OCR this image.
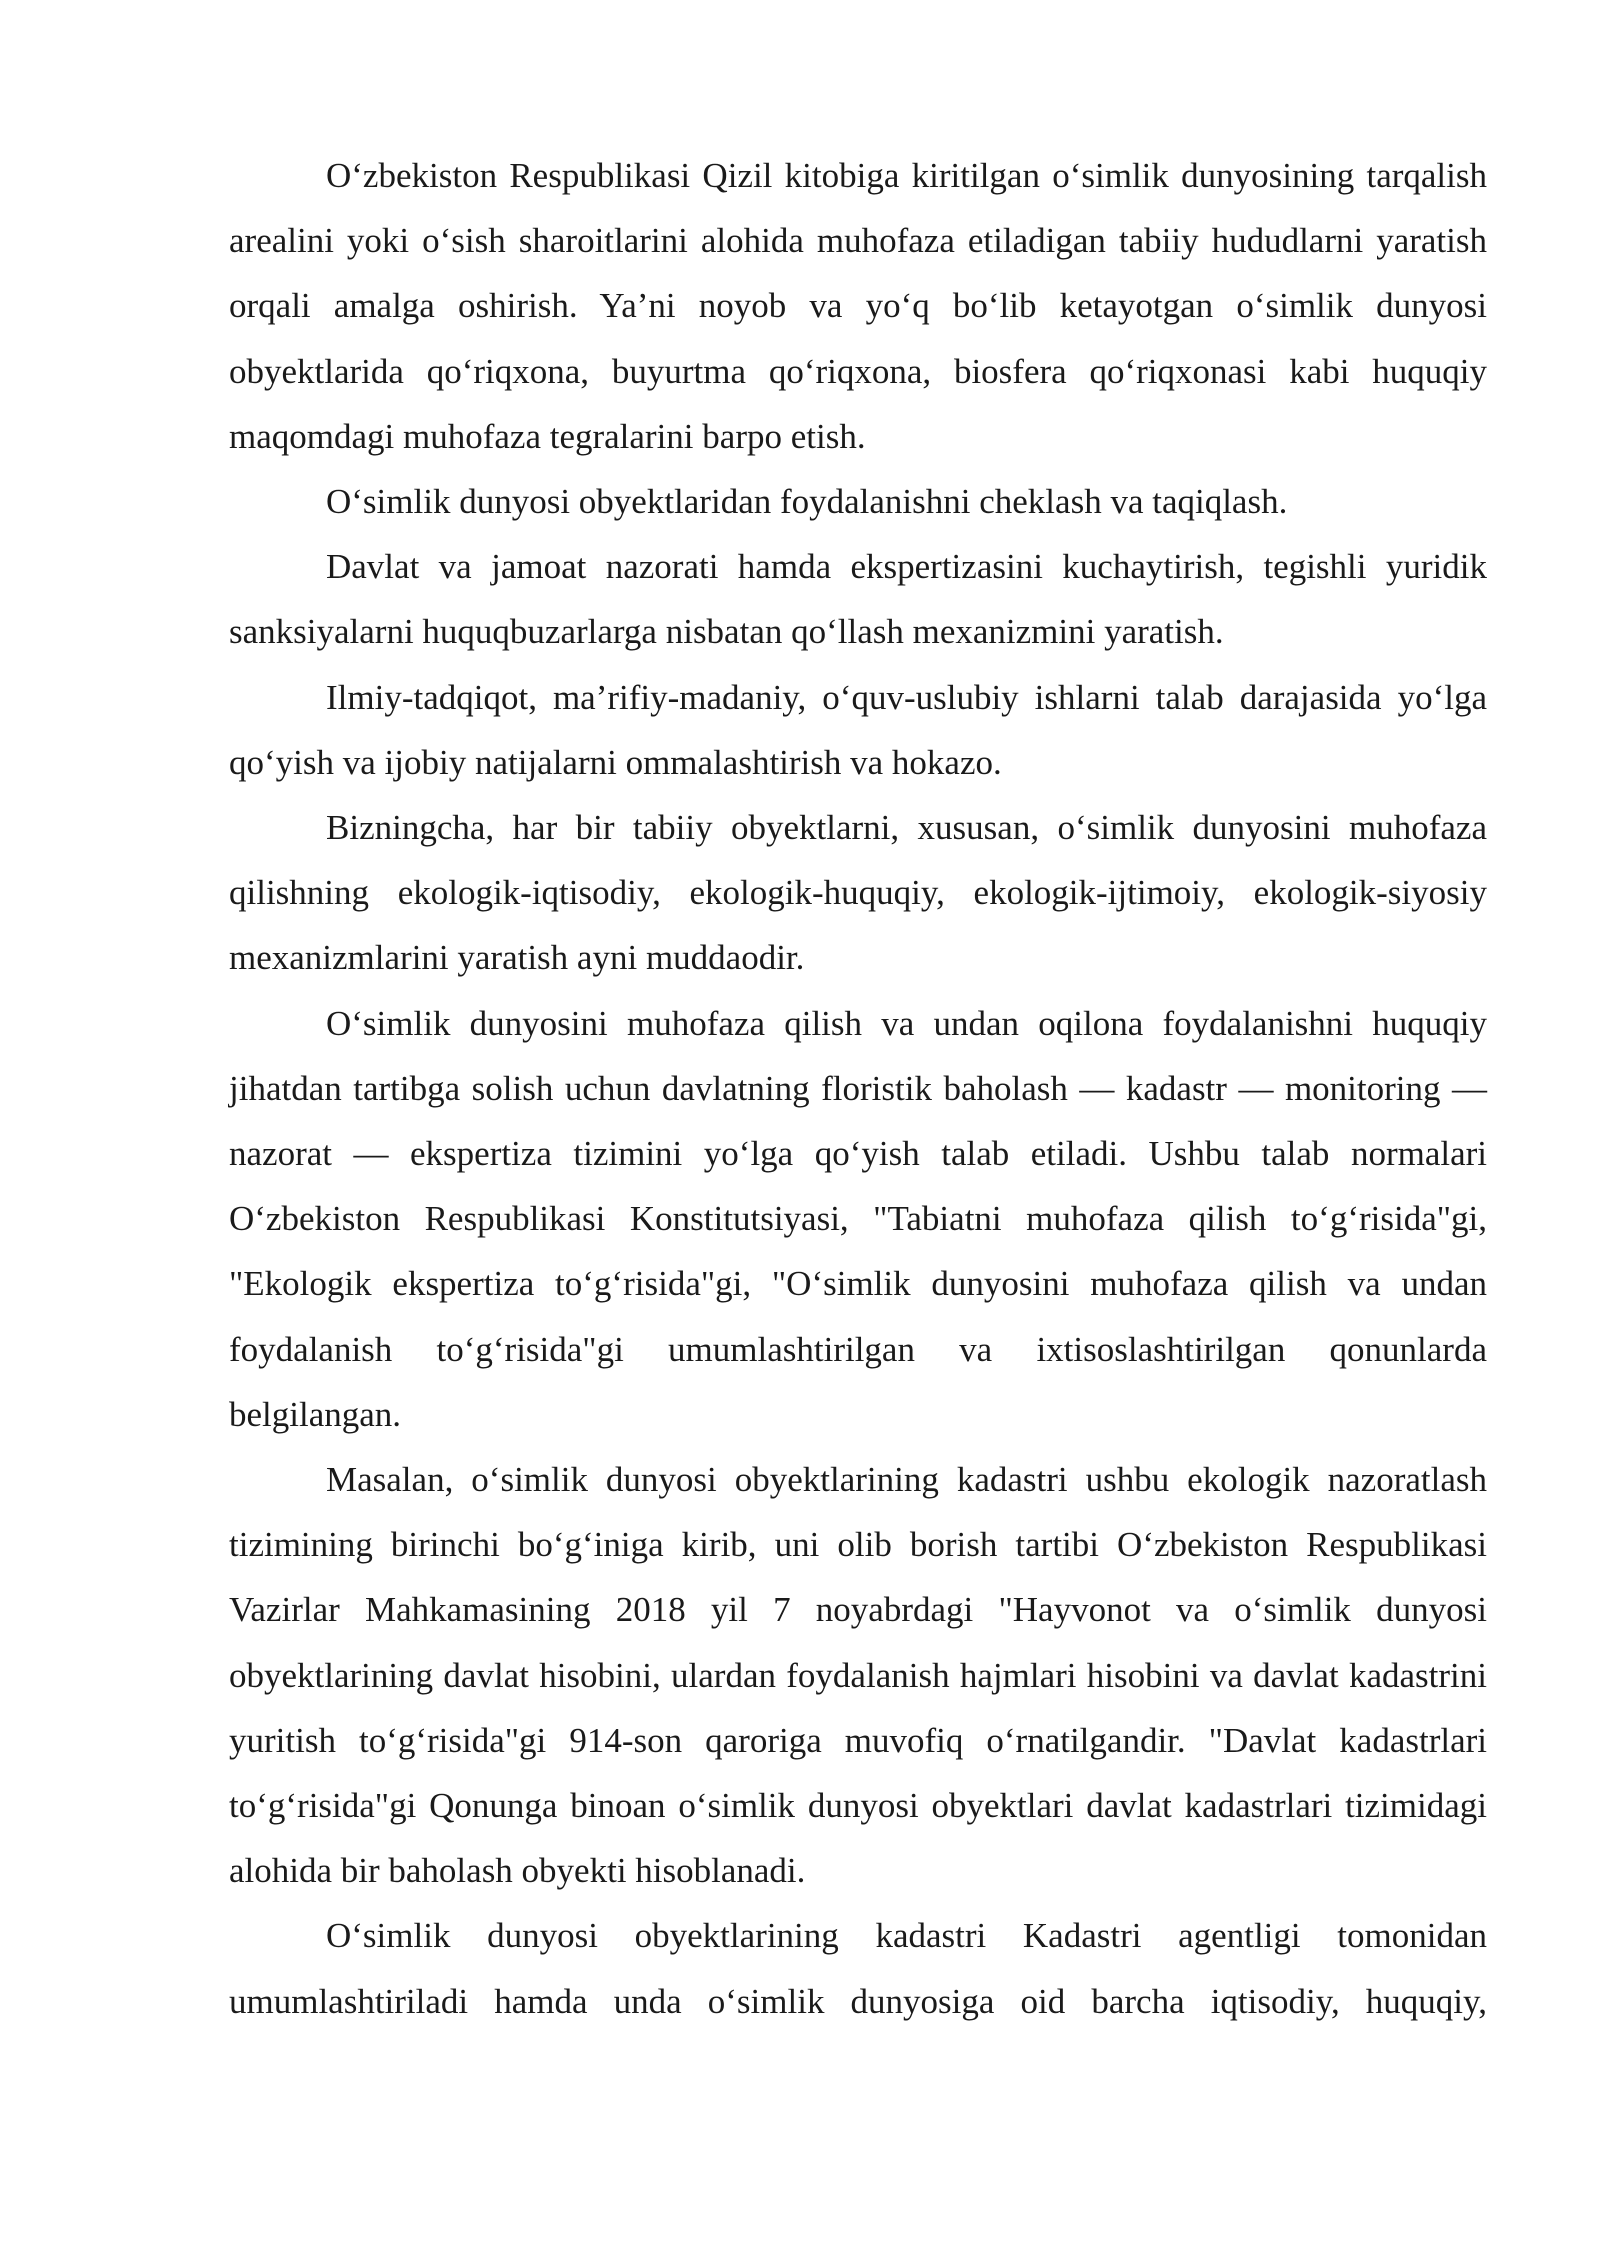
O‘zbekiston Respublikasi Qizil kitobiga kiritilgan o‘simlik dunyosining tarqalish arealini yoki o‘sish sharoitlarini alohida muhofaza etiladigan tabiiy hududlarni yaratish orqali amalga oshirish. Ya’ni noyob va yo‘q bo‘lib ketayotgan o‘simlik dunyosi obyektlarida qo‘riqxona, buyurtma qo‘riqxona, biosfera qo‘riqxonasi kabi huquqiy maqomdagi muhofaza tegralarini barpo etish.

O‘simlik dunyosi obyektlaridan foydalanishni cheklash va taqiqlash.

Davlat va jamoat nazorati hamda ekspertizasini kuchaytirish, tegishli yuridik sanksiyalarni huquqbuzarlarga nisbatan qo‘llash mexanizmini yaratish.

Ilmiy-tadqiqot, ma’rifiy-madaniy, o‘quv-uslubiy ishlarni talab darajasida yo‘lga qo‘yish va ijobiy natijalarni ommalashtirish va hokazo.

Bizningcha, har bir tabiiy obyektlarni, xususan, o‘simlik dunyosini muhofaza qilishning ekologik-iqtisodiy, ekologik-huquqiy, ekologik-ijtimoiy, ekologik-siyosiy mexanizmlarini yaratish ayni muddaodir.

O‘simlik dunyosini muhofaza qilish va undan oqilona foydalanishni huquqiy jihatdan tartibga solish uchun davlatning floristik baholash — kadastr — monitoring — nazorat — ekspertiza tizimini yo‘lga qo‘yish talab etiladi. Ushbu talab normalari O‘zbekiston Respublikasi Konstitutsiyasi, "Tabiatni muhofaza qilish to‘g‘risida"gi, "Ekologik ekspertiza to‘g‘risida"gi, "O‘simlik dunyosini muhofaza qilish va undan foydalanish to‘g‘risida"gi umumlashtirilgan va ixtisoslashtirilgan qonunlarda belgilangan.

Masalan, o‘simlik dunyosi obyektlarining kadastri ushbu ekologik nazoratlash tizimining birinchi bo‘g‘iniga kirib, uni olib borish tartibi O‘zbekiston Respublikasi Vazirlar Mahkamasining 2018 yil 7 noyabrdagi "Hayvonot va o‘simlik dunyosi obyektlarining davlat hisobini, ulardan foydalanish hajmlari hisobini va davlat kadastrini yuritish to‘g‘risida"gi 914-son qaroriga muvofiq o‘rnatilgandir. "Davlat kadastrlari to‘g‘risida"gi Qonunga binoan o‘simlik dunyosi obyektlari davlat kadastrlari tizimidagi alohida bir baholash obyekti hisoblanadi.

O‘simlik dunyosi obyektlarining kadastri Kadastri agentligi tomonidan umumlashtiriladi hamda unda o‘simlik dunyosiga oid barcha iqtisodiy, huquqiy,
